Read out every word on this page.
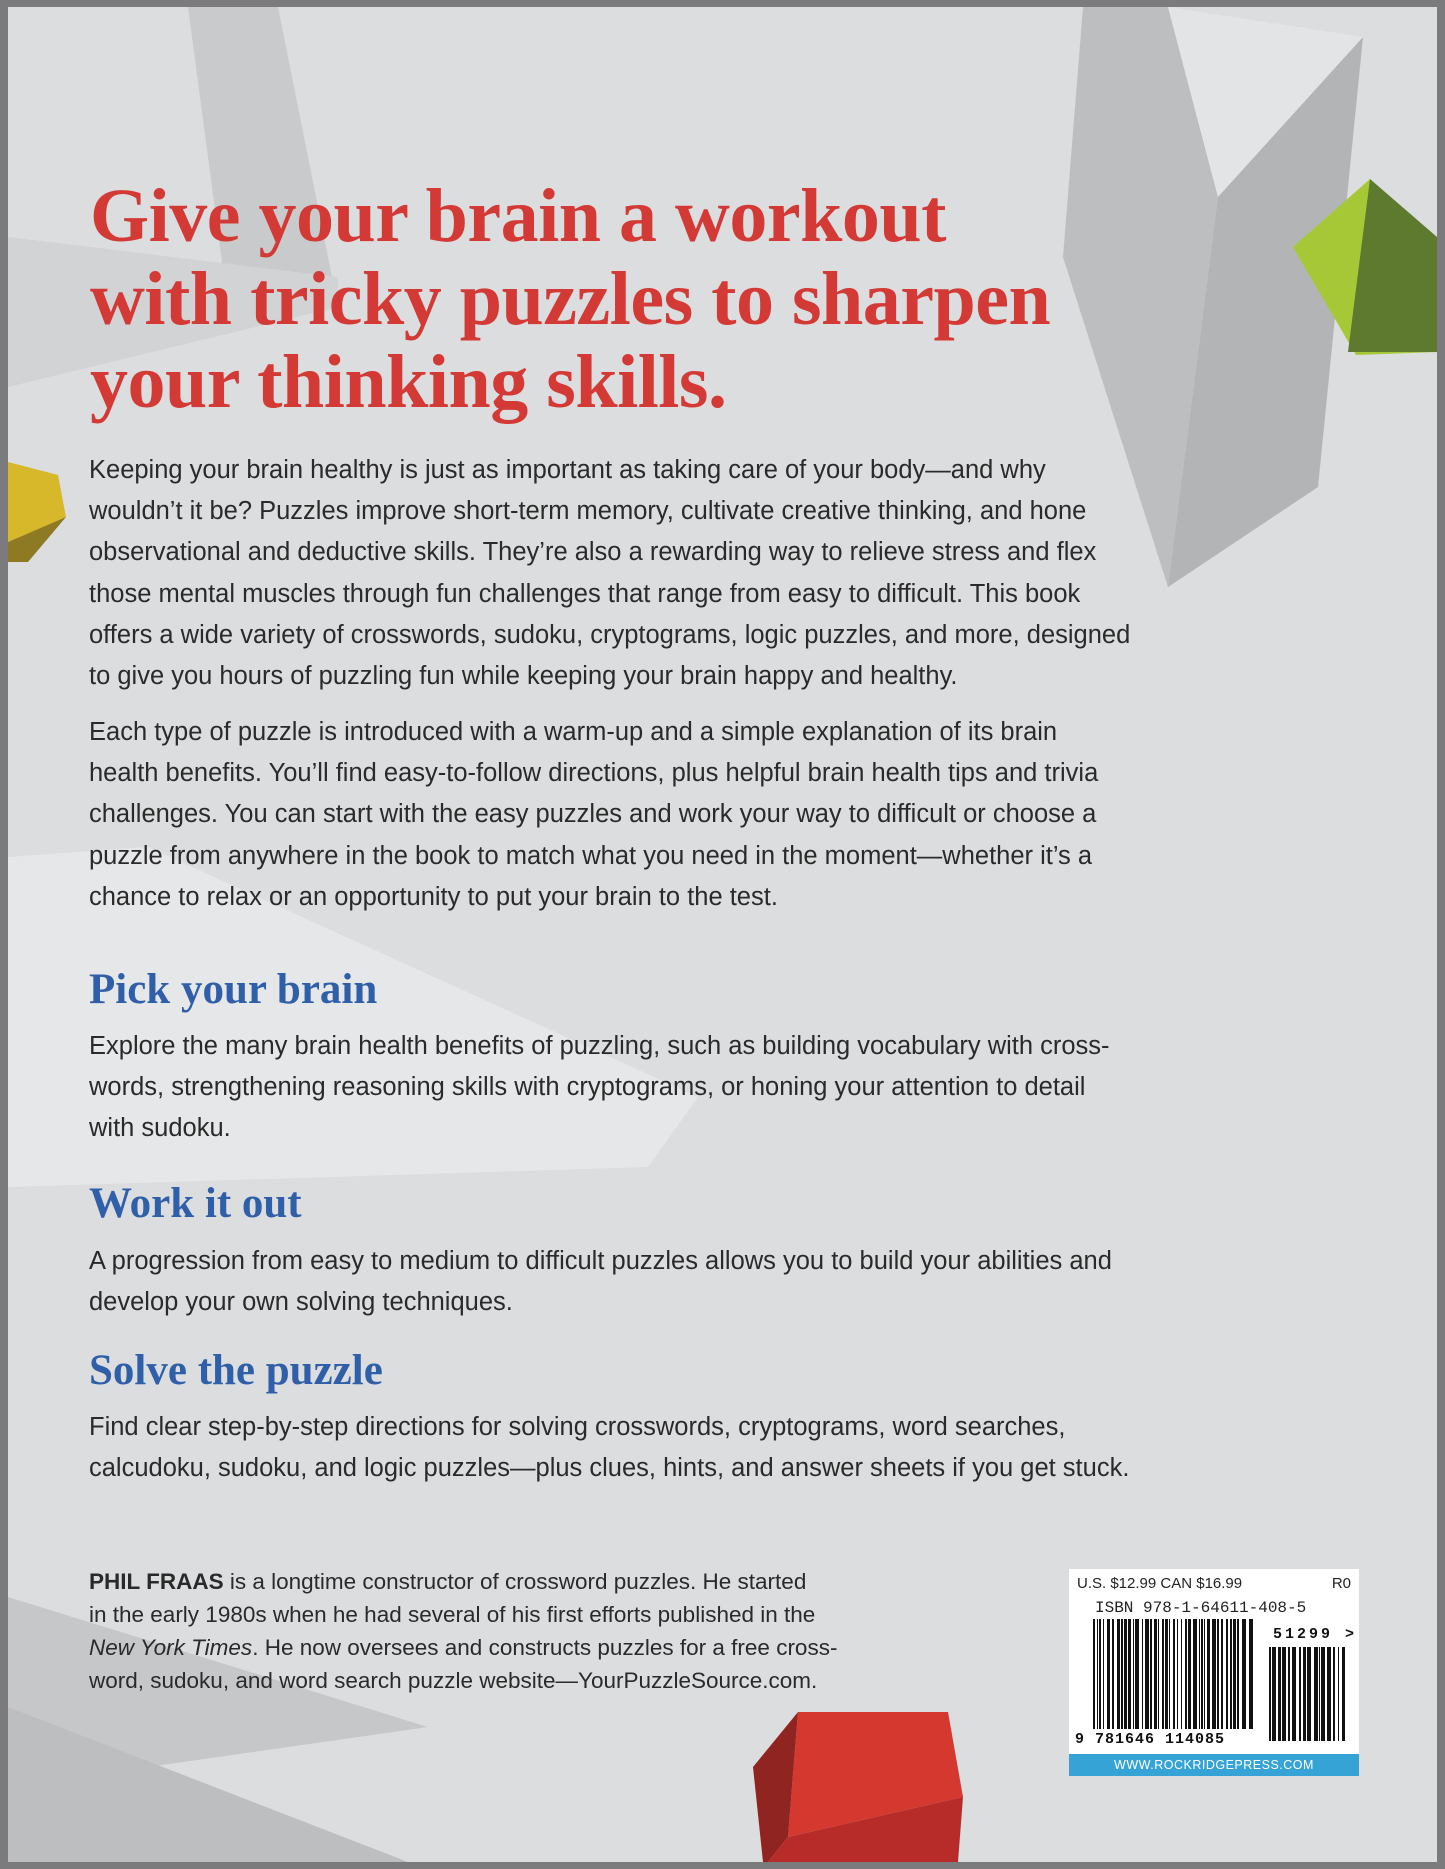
Give your brain a workout
with tricky puzzles to sharpen
your thinking skills.
Keeping your brain healthy is just as important as taking care of your body—and why
wouldn’t it be? Puzzles improve short-term memory, cultivate creative thinking, and hone
observational and deductive skills. They’re also a rewarding way to relieve stress and flex
those mental muscles through fun challenges that range from easy to difficult. This book
offers a wide variety of crosswords, sudoku, cryptograms, logic puzzles, and more, designed
to give you hours of puzzling fun while keeping your brain happy and healthy.
Each type of puzzle is introduced with a warm-up and a simple explanation of its brain
health benefits. You’ll find easy-to-follow directions, plus helpful brain health tips and trivia
challenges. You can start with the easy puzzles and work your way to difficult or choose a
puzzle from anywhere in the book to match what you need in the moment—whether it’s a
chance to relax or an opportunity to put your brain to the test.
Pick your brain
Explore the many brain health benefits of puzzling, such as building vocabulary with cross-
words, strengthening reasoning skills with cryptograms, or honing your attention to detail
with sudoku.
Work it out
A progression from easy to medium to difficult puzzles allows you to build your abilities and
develop your own solving techniques.
Solve the puzzle
Find clear step-by-step directions for solving crosswords, cryptograms, word searches,
calcudoku, sudoku, and logic puzzles—plus clues, hints, and answer sheets if you get stuck.
PHIL FRAAS is a longtime constructor of crossword puzzles. He started
in the early 1980s when he had several of his first efforts published in the
New York Times. He now oversees and constructs puzzles for a free cross-
word, sudoku, and word search puzzle website—YourPuzzleSource.com.
U.S. $12.99 CAN $16.99	R0
ISBN 978-1-64611-408-5
9 781646 114085
51299 >
WWW.ROCKRIDGEPRESS.COM
